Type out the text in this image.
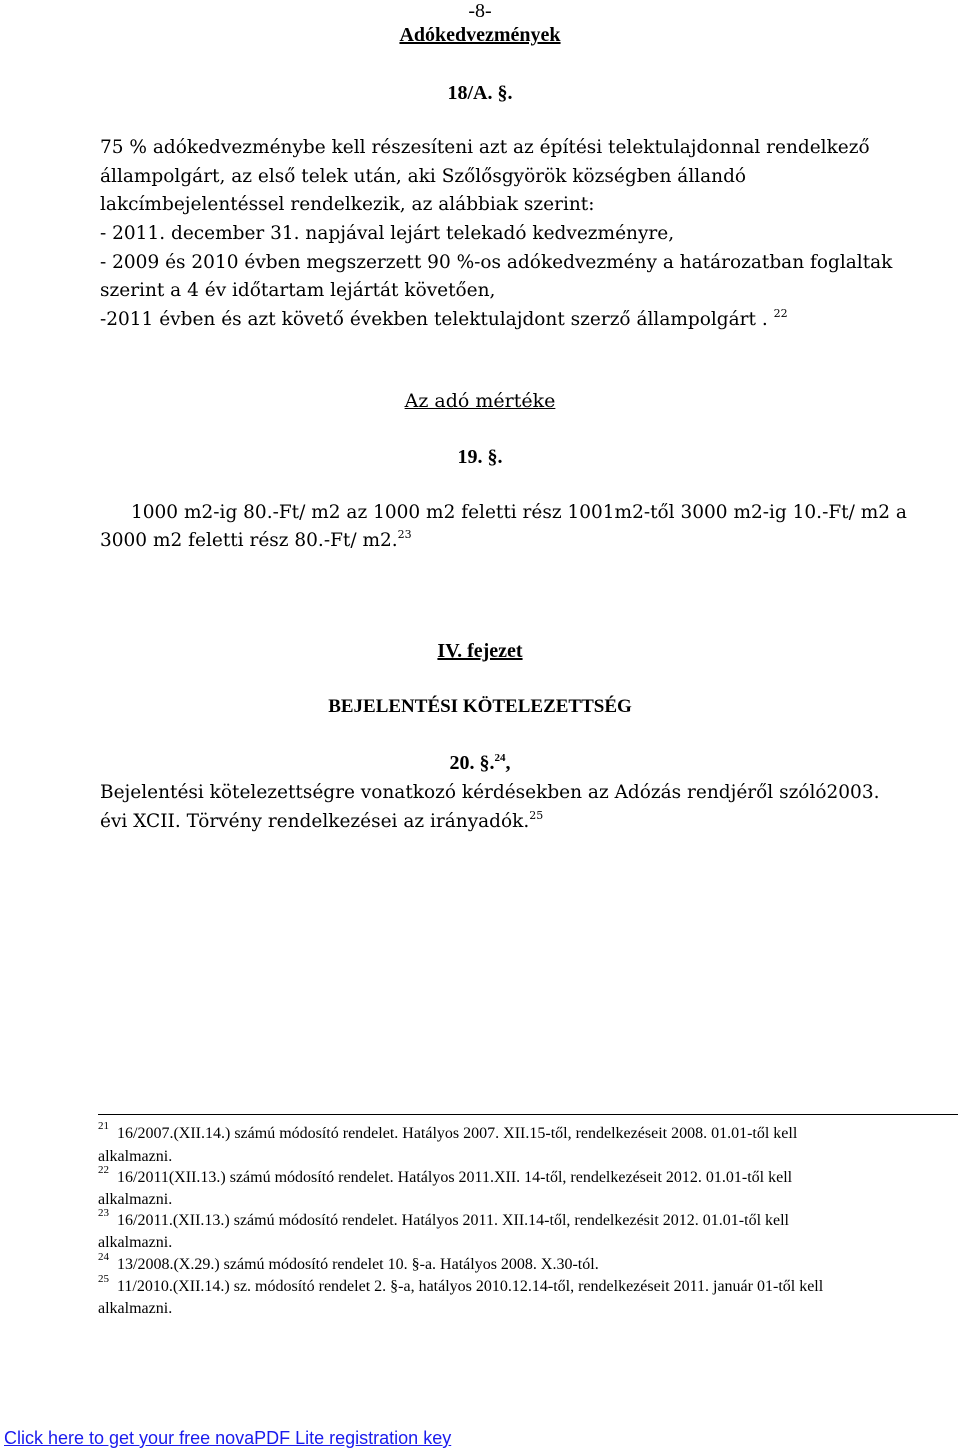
-8-
Adókedvezmények
18/A. §.
75 % adókedvezménybe kell részesíteni azt az építési telektulajdonnal rendelkező
állampolgárt, az első telek után, aki Szőlősgyörök községben állandó
lakcímbejelentéssel rendelkezik, az alábbiak szerint:
- 2011. december 31. napjával lejárt telekadó kedvezményre,
- 2009 és 2010 évben megszerzett 90 %-os adókedvezmény a határozatban foglaltak
szerint a 4 év időtartam lejártát követően,
-2011 évben és azt követő években telektulajdont szerző állampolgárt . $^{22}$
Az adó mértéke
19. §.
1000 m2-ig 80.-Ft/ m2 az 1000 m2 feletti rész 1001m2-től 3000 m2-ig 10.-Ft/ m2 a
3000 m2 feletti rész 80.-Ft/ m2.23
IV. fejezet
BEJELENTÉSI KÖTELEZETTSÉG
20. §.$^{24}$,
Bejelentési kötelezettségre vonatkozó kérdésekben az Adózás rendjéről szóló2003.
évi XCII. Törvény rendelkezései az irányadók.$^{25}$
$^{21}$ 16/2007.(XII.14.) számú módosító rendelet. Hatályos 2007. XII.15-től, rendelkezéseit 2008. 01.01-től kell
alkalmazni.
$^{22}$ 16/2011(XII.13.) számú módosító rendelet. Hatályos 2011.XII. 14-től, rendelkezéseit 2012. 01.01-től kell
alkalmazni.
$^{23}$ 16/2011.(XII.13.) számú módosító rendelet. Hatályos 2011. XII.14-től, rendelkezésit 2012. 01.01-től kell
alkalmazni.
$^{24}$ 13/2008.(X.29.) számú módosító rendelet 10. §-a. Hatályos 2008. X.30-tól.
$^{25}$ 11/2010.(XII.14.) sz. módosító rendelet 2. §-a, hatályos 2010.12.14-től, rendelkezéseit 2011. január 01-től kell
alkalmazni.
Click here to get your free novaPDF Lite registration key
